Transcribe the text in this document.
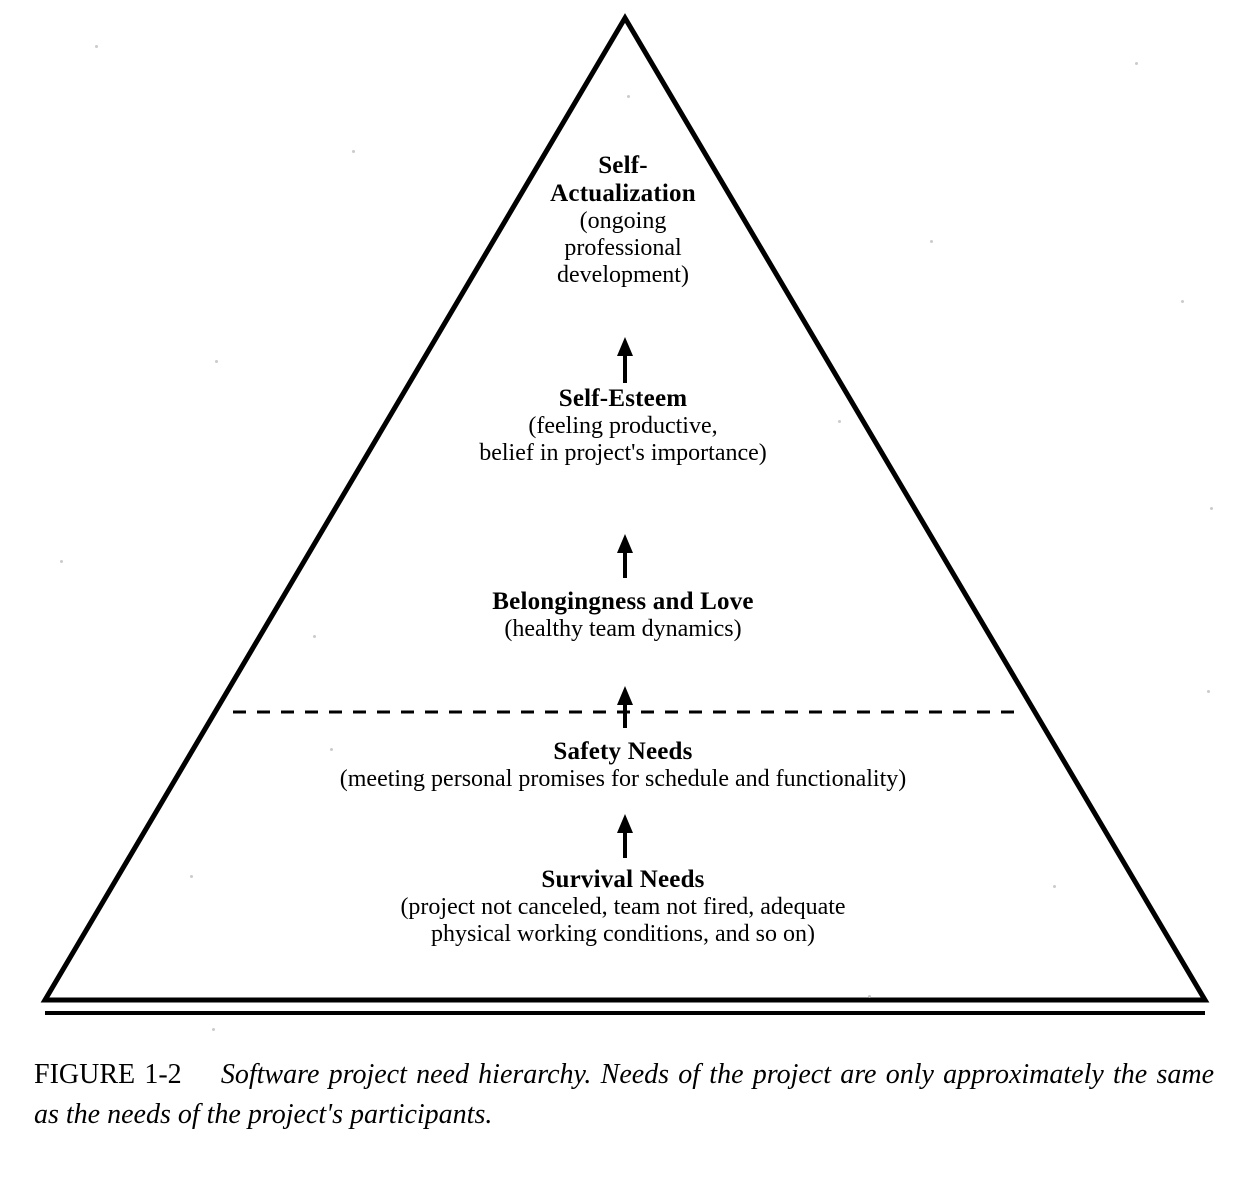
Self-
Actualization
(ongoing
professional
development)
Self-Esteem
(feeling productive,
belief in project's importance)
Belongingness and Love
(healthy team dynamics)
Safety Needs
(meeting personal promises for schedule and functionality)
Survival Needs
(project not canceled, team not fired, adequate
physical working conditions, and so on)
FIGURE 1-2 Software project need hierarchy. Needs of the project are only approximately the same as the needs of the project's participants.
